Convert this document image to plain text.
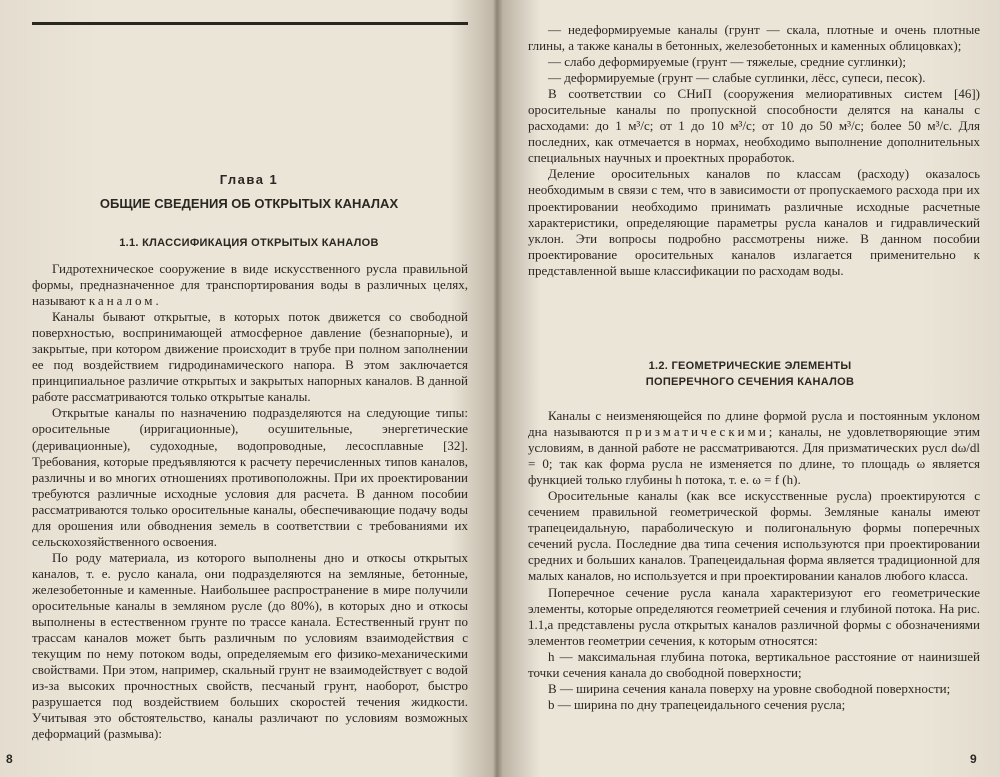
Глава 1
ОБЩИЕ СВЕДЕНИЯ ОБ ОТКРЫТЫХ КАНАЛАХ
1.1. КЛАССИФИКАЦИЯ ОТКРЫТЫХ КАНАЛОВ

Гидротехническое сооружение в виде искусственного русла правильной формы, предназначенное для транспортирования воды в различных целях, называют каналом.

Каналы бывают открытые, в которых поток движется со свободной поверхностью, воспринимающей атмосферное давление (безнапорные), и закрытые, при котором движение происходит в трубе при полном заполнении ее под воздействием гидродинамического напора. В этом заключается принципиальное различие открытых и закрытых напорных каналов. В данной работе рассматриваются только открытые каналы.

Открытые каналы по назначению подразделяются на следующие типы: оросительные (ирригационные), осушительные, энергетические (деривационные), судоходные, водопроводные, лесосплавные [32]. Требования, которые предъявляются к расчету перечисленных типов каналов, различны и во многих отношениях противоположны. При их проектировании требуются различные исходные условия для расчета. В данном пособии рассматриваются только оросительные каналы, обеспечивающие подачу воды для орошения или обводнения земель в соответствии с требованиями их сельскохозяйственного освоения.

По роду материала, из которого выполнены дно и откосы открытых каналов, т. е. русло канала, они подразделяются на земляные, бетонные, железобетонные и каменные. Наибольшее распространение в мире получили оросительные каналы в земляном русле (до 80%), в которых дно и откосы выполнены в естественном грунте по трассе канала. Естественный грунт по трассам каналов может быть различным по условиям взаимодействия с текущим по нему потоком воды, определяемым его физико-механическими свойствами. При этом, например, скальный грунт не взаимодействует с водой из-за высоких прочностных свойств, песчаный грунт, наоборот, быстро разрушается под воздействием больших скоростей течения жидкости. Учитывая это обстоятельство, каналы различают по условиям возможных деформаций (размыва):

8

— недеформируемые каналы (грунт — скала, плотные и очень плотные глины, а также каналы в бетонных, железобетонных и каменных облицовках);

— слабо деформируемые (грунт — тяжелые, средние суглинки);

— деформируемые (грунт — слабые суглинки, лёсс, супеси, песок).

В соответствии со СНиП (сооружения мелиоративных систем [46]) оросительные каналы по пропускной способности делятся на каналы с расходами: до 1 м³/с; от 1 до 10 м³/с; от 10 до 50 м³/с; более 50 м³/с. Для последних, как отмечается в нормах, необходимо выполнение дополнительных специальных научных и проектных проработок.

Деление оросительных каналов по классам (расходу) оказалось необходимым в связи с тем, что в зависимости от пропускаемого расхода при их проектировании необходимо принимать различные исходные расчетные характеристики, определяющие параметры русла каналов и гидравлический уклон. Эти вопросы подробно рассмотрены ниже. В данном пособии проектирование оросительных каналов излагается применительно к представленной выше классификации по расходам воды.

1.2. ГЕОМЕТРИЧЕСКИЕ ЭЛЕМЕНТЫ
ПОПЕРЕЧНОГО СЕЧЕНИЯ КАНАЛОВ

Каналы с неизменяющейся по длине формой русла и постоянным уклоном дна называются призматическими; каналы, не удовлетворяющие этим условиям, в данной работе не рассматриваются. Для призматических русл dω/dl = 0; так как форма русла не изменяется по длине, то площадь ω является функцией только глубины h потока, т. е. ω = f (h).

Оросительные каналы (как все искусственные русла) проектируются с сечением правильной геометрической формы. Земляные каналы имеют трапецеидальную, параболическую и полигональную формы поперечных сечений русла. Последние два типа сечения используются при проектировании средних и больших каналов. Трапецеидальная форма является традиционной для малых каналов, но используется и при проектировании каналов любого класса.

Поперечное сечение русла канала характеризуют его геометрические элементы, которые определяются геометрией сечения и глубиной потока. На рис. 1.1,а представлены русла открытых каналов различной формы с обозначениями элементов геометрии сечения, к которым относятся:

h — максимальная глубина потока, вертикальное расстояние от наинизшей точки сечения канала до свободной поверхности;

B — ширина сечения канала поверху на уровне свободной поверхности;

b — ширина по дну трапецеидального сечения русла;

9
